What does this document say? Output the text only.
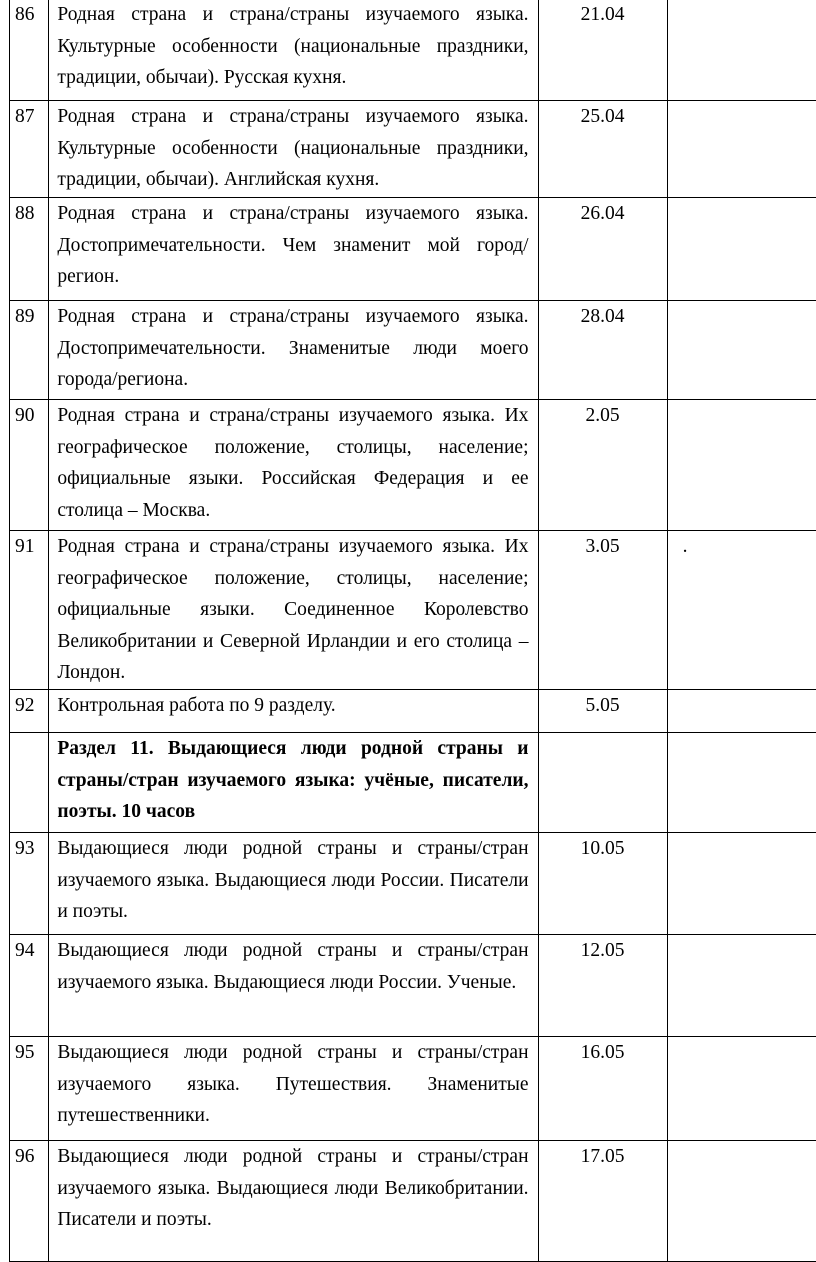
86	Родная страна и страна/страны изучаемого языка. Культурные особенности (национальные праздники, традиции, обычаи). Русская кухня.	21.04	
87	Родная страна и страна/страны изучаемого языка. Культурные особенности (национальные праздники, традиции, обычаи). Английская кухня.	25.04	
88	Родная страна и страна/страны изучаемого языка. Достопримечательности. Чем знаменит мой город/регион.	26.04	
89	Родная страна и страна/страны изучаемого языка. Достопримечательности. Знаменитые люди моего города/региона.	28.04	
90	Родная страна и страна/страны изучаемого языка. Их географическое положение, столицы, население; официальные языки. Российская Федерация и ее столица – Москва.	2.05	
91	Родная страна и страна/страны изучаемого языка. Их географическое положение, столицы, население; официальные языки. Соединенное Королевство Великобритании и Северной Ирландии и его столица – Лондон.	3.05	.
92	Контрольная работа по 9 разделу.	5.05	
	Раздел 11. Выдающиеся люди родной страны и страны/стран изучаемого языка: учёные, писатели, поэты. 10 часов		
93	Выдающиеся люди родной страны и страны/стран изучаемого языка. Выдающиеся люди России. Писатели и поэты.	10.05	
94	Выдающиеся люди родной страны и страны/стран изучаемого языка. Выдающиеся люди России. Ученые.	12.05	
95	Выдающиеся люди родной страны и страны/стран изучаемого языка. Путешествия. Знаменитые путешественники.	16.05	
96	Выдающиеся люди родной страны и страны/стран изучаемого языка. Выдающиеся люди Великобритании. Писатели и поэты.	17.05	
